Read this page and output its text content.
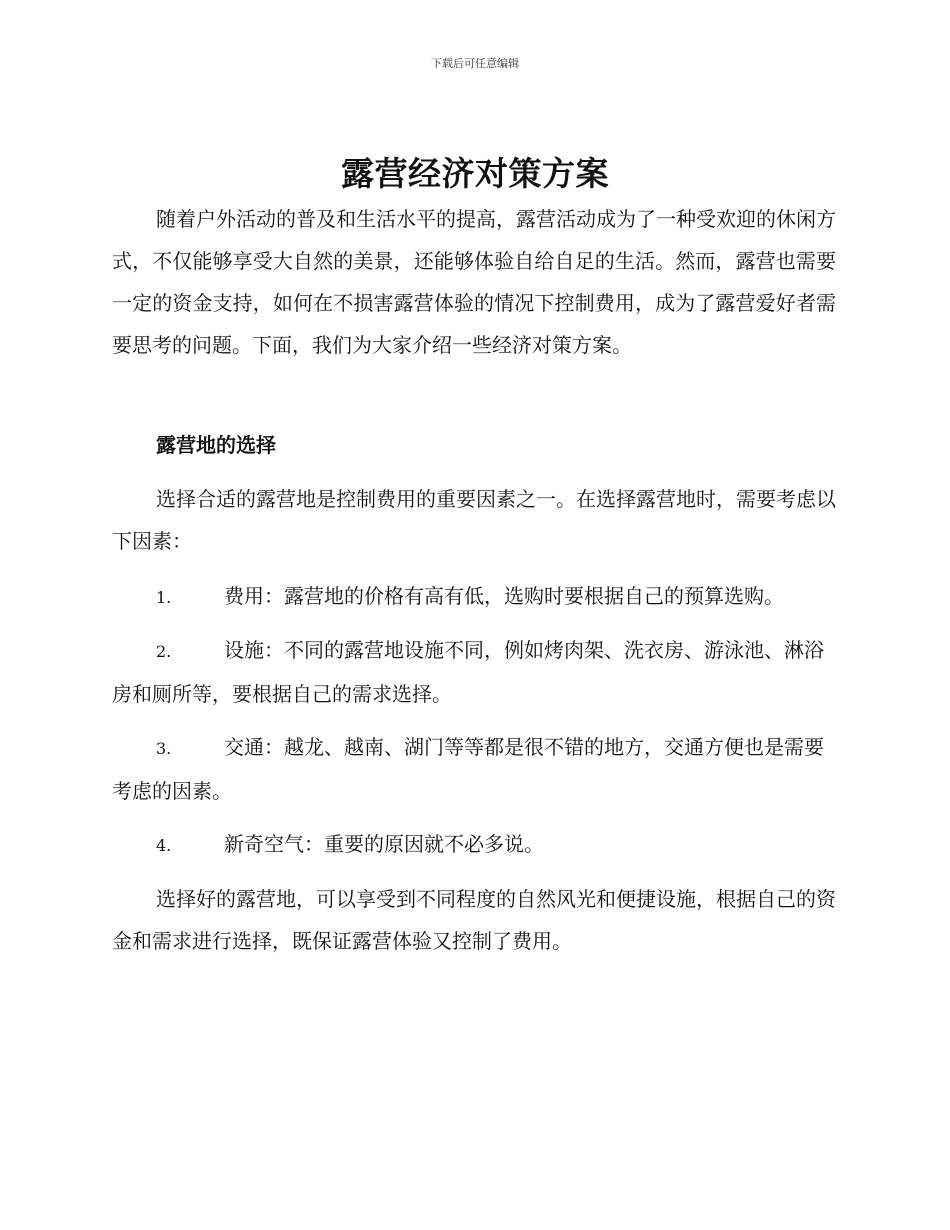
下载后可任意编辑
露营经济对策方案
随着户外活动的普及和生活水平的提高，露营活动成为了一种受欢迎的休闲方式，不仅能够享受大自然的美景，还能够体验自给自足的生活。然而，露营也需要一定的资金支持，如何在不损害露营体验的情况下控制费用，成为了露营爱好者需要思考的问题。下面，我们为大家介绍一些经济对策方案。
露营地的选择
选择合适的露营地是控制费用的重要因素之一。在选择露营地时，需要考虑以下因素：
1.	费用：露营地的价格有高有低，选购时要根据自己的预算选购。
2.	设施：不同的露营地设施不同，例如烤肉架、洗衣房、游泳池、淋浴房和厕所等，要根据自己的需求选择。
3.	交通：越龙、越南、湖门等等都是很不错的地方，交通方便也是需要考虑的因素。
4.	新奇空气：重要的原因就不必多说。
选择好的露营地，可以享受到不同程度的自然风光和便捷设施，根据自己的资金和需求进行选择，既保证露营体验又控制了费用。
